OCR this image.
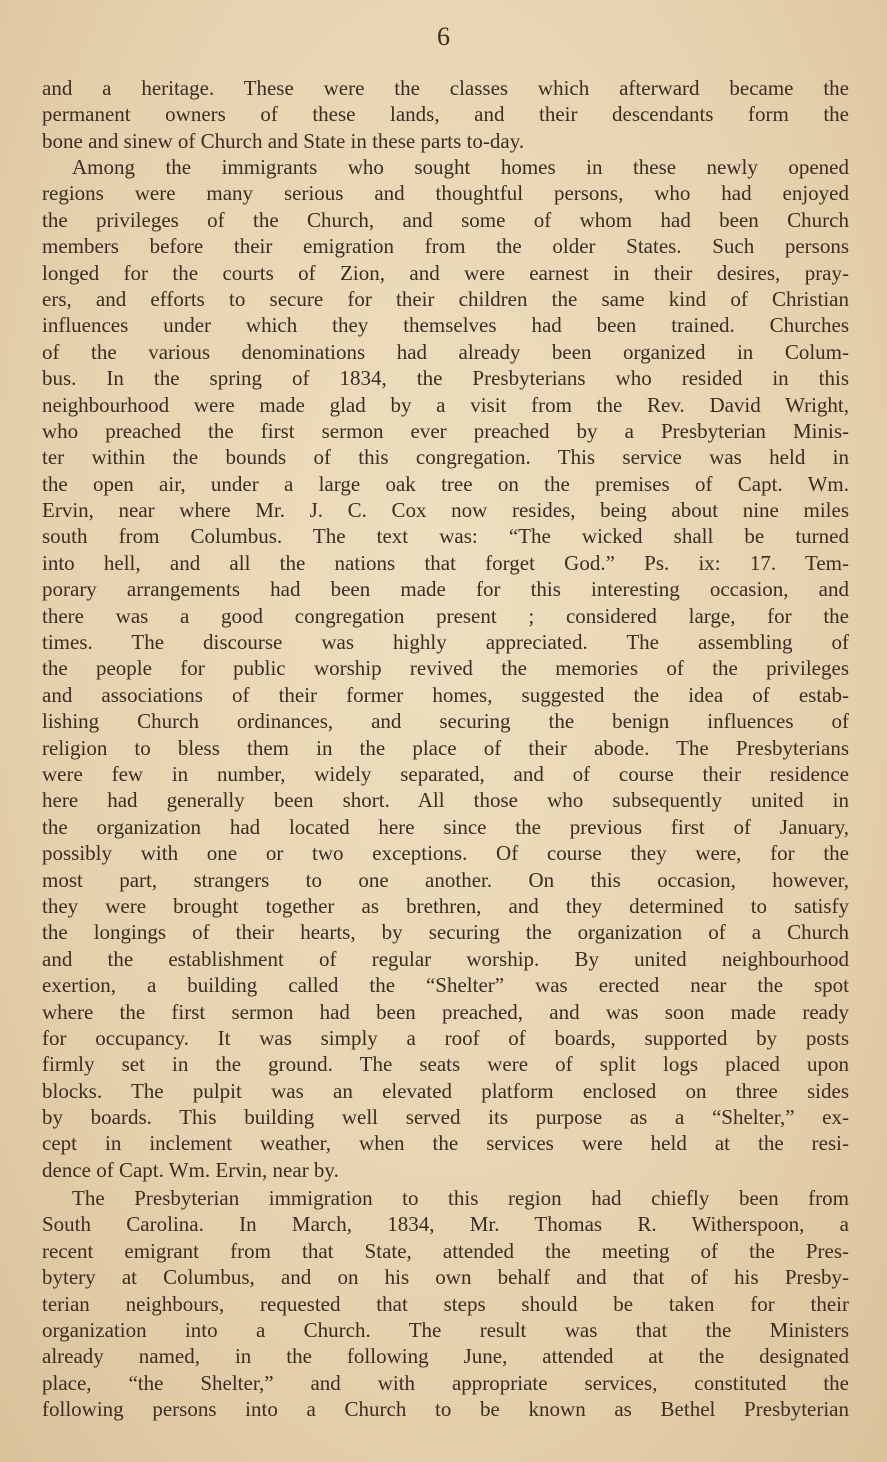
6
and a heritage. These were the classes which afterward became the
permanent owners of these lands, and their descendants form the
bone and sinew of Church and State in these parts to-day.
Among the immigrants who sought homes in these newly opened
regions were many serious and thoughtful persons, who had enjoyed
the privileges of the Church, and some of whom had been Church
members before their emigration from the older States. Such persons
longed for the courts of Zion, and were earnest in their desires, pray-
ers, and efforts to secure for their children the same kind of Christian
influences under which they themselves had been trained. Churches
of the various denominations had already been organized in Colum-
bus. In the spring of 1834, the Presbyterians who resided in this
neighbourhood were made glad by a visit from the Rev. David Wright,
who preached the first sermon ever preached by a Presbyterian Minis-
ter within the bounds of this congregation. This service was held in
the open air, under a large oak tree on the premises of Capt. Wm.
Ervin, near where Mr. J. C. Cox now resides, being about nine miles
south from Columbus. The text was: “The wicked shall be turned
into hell, and all the nations that forget God.” Ps. ix: 17. Tem-
porary arrangements had been made for this interesting occasion, and
there was a good congregation present ; considered large, for the
times. The discourse was highly appreciated. The assembling of
the people for public worship revived the memories of the privileges
and associations of their former homes, suggested the idea of estab-
lishing Church ordinances, and securing the benign influences of
religion to bless them in the place of their abode. The Presbyterians
were few in number, widely separated, and of course their residence
here had generally been short. All those who subsequently united in
the organization had located here since the previous first of January,
possibly with one or two exceptions. Of course they were, for the
most part, strangers to one another. On this occasion, however,
they were brought together as brethren, and they determined to satisfy
the longings of their hearts, by securing the organization of a Church
and the establishment of regular worship. By united neighbourhood
exertion, a building called the “Shelter” was erected near the spot
where the first sermon had been preached, and was soon made ready
for occupancy. It was simply a roof of boards, supported by posts
firmly set in the ground. The seats were of split logs placed upon
blocks. The pulpit was an elevated platform enclosed on three sides
by boards. This building well served its purpose as a “Shelter,” ex-
cept in inclement weather, when the services were held at the resi-
dence of Capt. Wm. Ervin, near by.
The Presbyterian immigration to this region had chiefly been from
South Carolina. In March, 1834, Mr. Thomas R. Witherspoon, a
recent emigrant from that State, attended the meeting of the Pres-
bytery at Columbus, and on his own behalf and that of his Presby-
terian neighbours, requested that steps should be taken for their
organization into a Church. The result was that the Ministers
already named, in the following June, attended at the designated
place, “the Shelter,” and with appropriate services, constituted the
following persons into a Church to be known as Bethel Presbyterian
